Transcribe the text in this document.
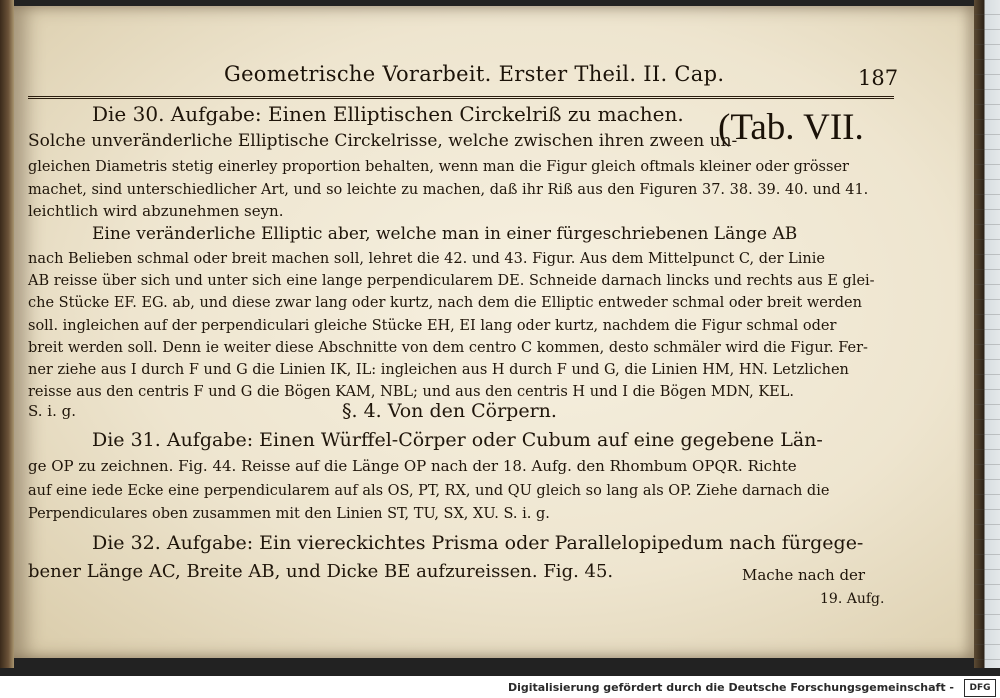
Geometrische Vorarbeit. Erster Theil. II. Cap.	187
(Tab. VII.
Die 30. Aufgabe: Einen Elliptischen Circkelriß zu machen.
Solche unveränderliche Elliptische Circkelrisse, welche zwischen ihren zween un-
gleichen Diametris stetig einerley proportion behalten, wenn man die Figur gleich oftmals kleiner oder grösser
machet, sind unterschiedlicher Art, und so leichte zu machen, daß ihr Riß aus den Figuren 37. 38. 39. 40. und 41.
leichtlich wird abzunehmen seyn.
Eine veränderliche Elliptic aber, welche man in einer fürgeschriebenen Länge AB
nach Belieben schmal oder breit machen soll, lehret die 42. und 43. Figur. Aus dem Mittelpunct C, der Linie
AB reisse über sich und unter sich eine lange perpendicularem DE. Schneide darnach lincks und rechts aus E glei-
che Stücke EF. EG. ab, und diese zwar lang oder kurtz, nach dem die Elliptic entweder schmal oder breit werden
soll. ingleichen auf der perpendiculari gleiche Stücke EH, EI lang oder kurtz, nachdem die Figur schmal oder
breit werden soll. Denn ie weiter diese Abschnitte von dem centro C kommen, desto schmäler wird die Figur. Fer-
ner ziehe aus I durch F und G die Linien IK, IL: ingleichen aus H durch F und G, die Linien HM, HN. Letzlichen
reisse aus den centris F und G die Bögen KAM, NBL; und aus den centris H und I die Bögen MDN, KEL.
S. i. g.	§. 4. Von den Cörpern.
Die 31. Aufgabe: Einen Würffel-Cörper oder Cubum auf eine gegebene Län-
ge OP zu zeichnen. Fig. 44. Reisse auf die Länge OP nach der 18. Aufg. den Rhombum OPQR. Richte
auf eine iede Ecke eine perpendicularem auf als OS, PT, RX, und QU gleich so lang als OP. Ziehe darnach die
Perpendiculares oben zusammen mit den Linien ST, TU, SX, XU. S. i. g.
Die 32. Aufgabe: Ein viereckichtes Prisma oder Parallelopipedum nach fürgege-
bener Länge AC, Breite AB, und Dicke BE aufzureissen. Fig. 45.	Mache nach der
19. Aufg.
Digitalisierung gefördert durch die Deutsche Forschungsgemeinschaft -	DFG
